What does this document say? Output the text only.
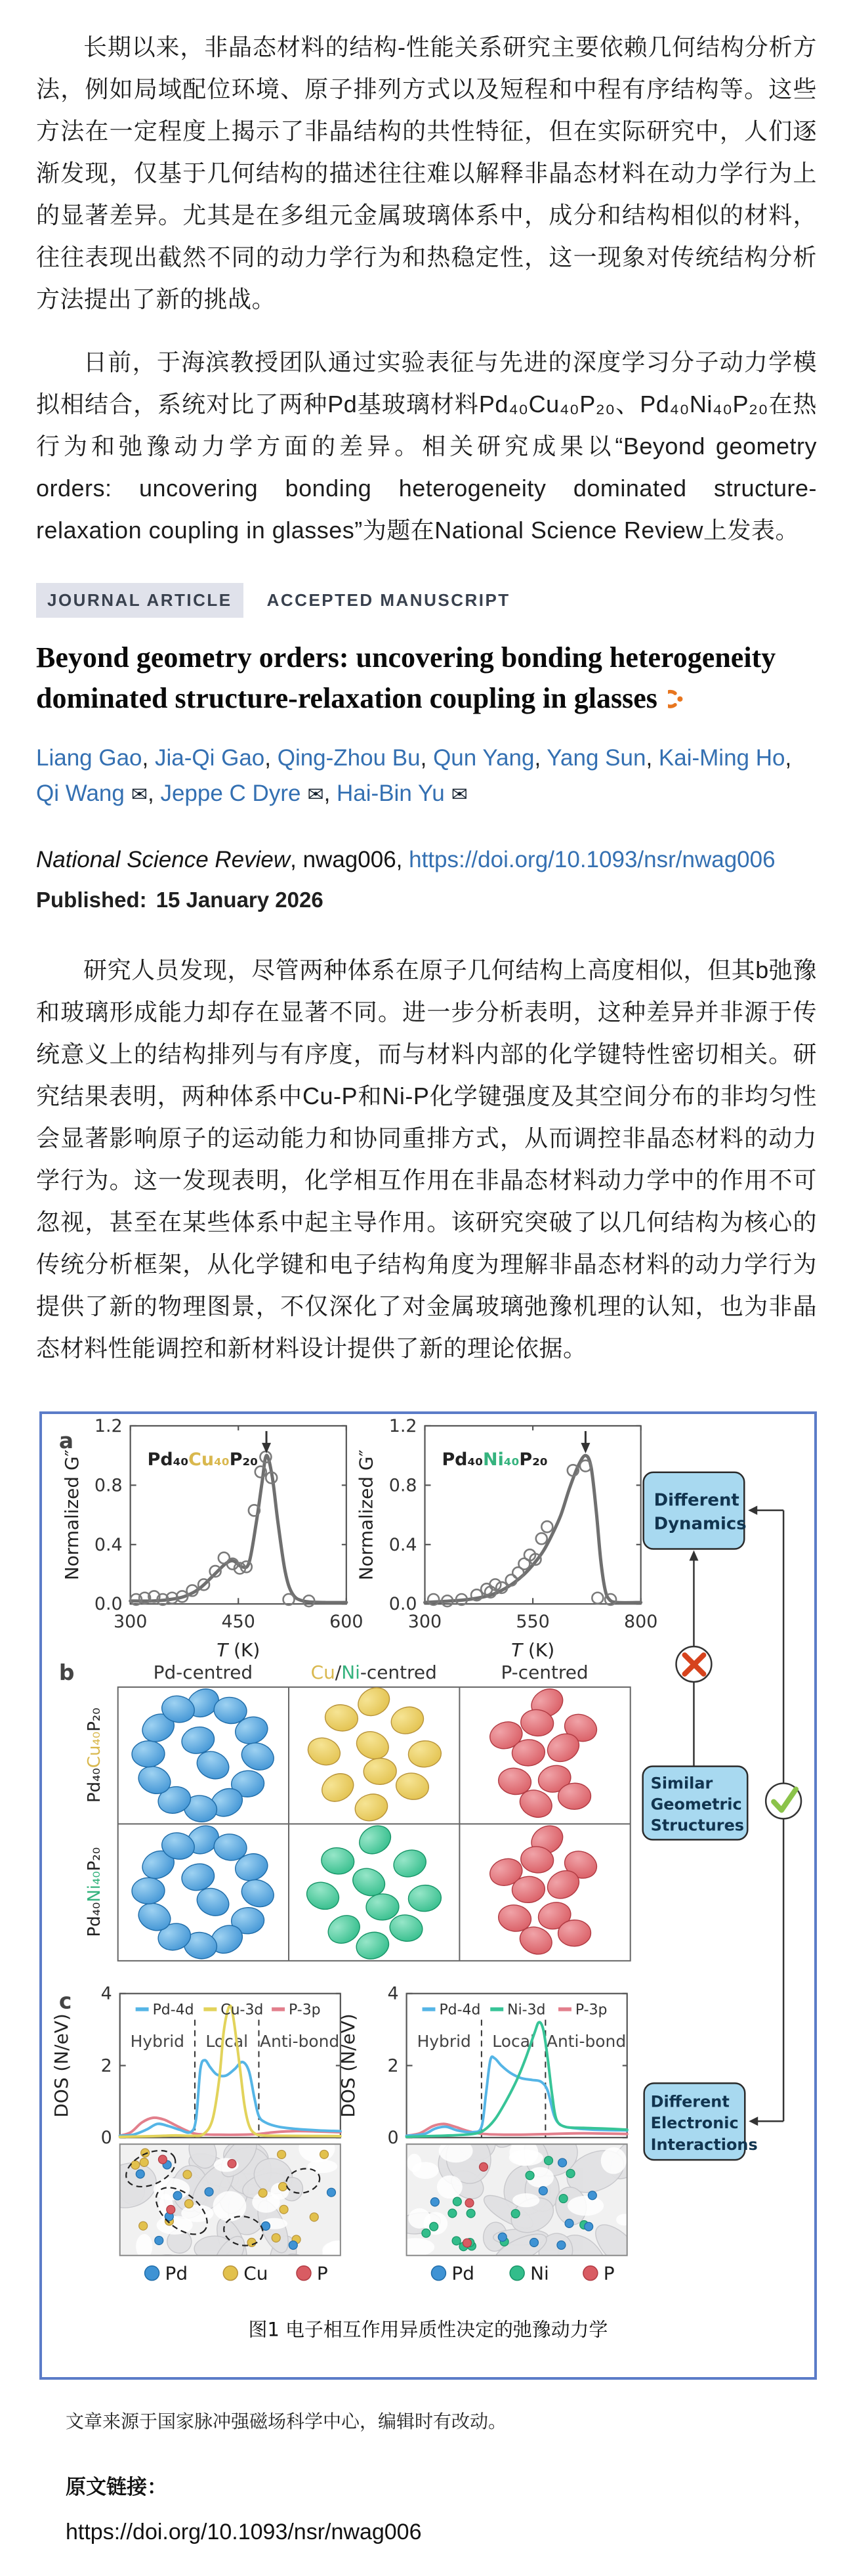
长期以来，非晶态材料的结构-性能关系研究主要依赖几何结构分析方法，例如局域配位环境、原子排列方式以及短程和中程有序结构等。这些方法在一定程度上揭示了非晶结构的共性特征，但在实际研究中，人们逐渐发现，仅基于几何结构的描述往往难以解释非晶态材料在动力学行为上的显著差异。尤其是在多组元金属玻璃体系中，成分和结构相似的材料，往往表现出截然不同的动力学行为和热稳定性，这一现象对传统结构分析方法提出了新的挑战。

日前，于海滨教授团队通过实验表征与先进的深度学习分子动力学模拟相结合，系统对比了两种Pd基玻璃材料Pd₄₀Cu₄₀P₂₀、Pd₄₀Ni₄₀P₂₀在热行为和弛豫动力学方面的差异。相关研究成果以“Beyond geometry orders: uncovering bonding heterogeneity dominated structure-relaxation coupling in glasses”为题在National Science Review上发表。

JOURNAL ARTICLE	ACCEPTED MANUSCRIPT
Beyond geometry orders: uncovering bonding heterogeneity dominated structure-relaxation coupling in glasses
Liang Gao , Jia-Qi Gao , Qing-Zhou Bu , Qun Yang , Yang Sun , Kai-Ming Ho , Qi Wang ✉ , Jeppe C Dyre ✉ , Hai-Bin Yu ✉
National Science Review, nwag006, https://doi.org/10.1093/nsr/nwag006
Published: 15 January 2026

研究人员发现，尽管两种体系在原子几何结构上高度相似，但其b弛豫和玻璃形成能力却存在显著不同。进一步分析表明，这种差异并非源于传统意义上的结构排列与有序度，而与材料内部的化学键特性密切相关。研究结果表明，两种体系中Cu-P和Ni-P化学键强度及其空间分布的非均匀性会显著影响原子的运动能力和协同重排方式，从而调控非晶态材料的动力学行为。这一发现表明，化学相互作用在非晶态材料动力学中的作用不可忽视，甚至在某些体系中起主导作用。该研究突破了以几何结构为核心的传统分析框架，从化学键和电子结构角度为理解非晶态材料的动力学行为提供了新的物理图景，不仅深化了对金属玻璃弛豫机理的认知，也为非晶态材料性能调控和新材料设计提供了新的理论依据。

a
b
c
300	450	600
0.0
0.4
0.8
1.2
Normalized G″
T (K)
Pd₄₀Cu₄₀P₂₀
300	550	800
0.0
0.4
0.8
1.2
Normalized G″
T (K)
Pd₄₀Ni₄₀P₂₀
Pd-centred	Cu/Ni-centred	P-centred
Pd₄₀Cu₄₀P₂₀
Pd₄₀Ni₄₀P₂₀
0
2
4
DOS (N/eV)	Hybrid Local Anti-bond
Pd-4d Cu-3d P-3p
0
2
4
DOS (N/eV)	Hybrid Local Anti-bond
Pd-4d Ni-3d P-3p
Pd	Cu	P	Pd	Ni	P
Different
Dynamics
Similar
Geometric
Structures
Different
Electronic
Interactions
图1 电子相互作用异质性决定的弛豫动力学

文章来源于国家脉冲强磁场科学中心，编辑时有改动。

原文链接：

https://doi.org/10.1093/nsr/nwag006
